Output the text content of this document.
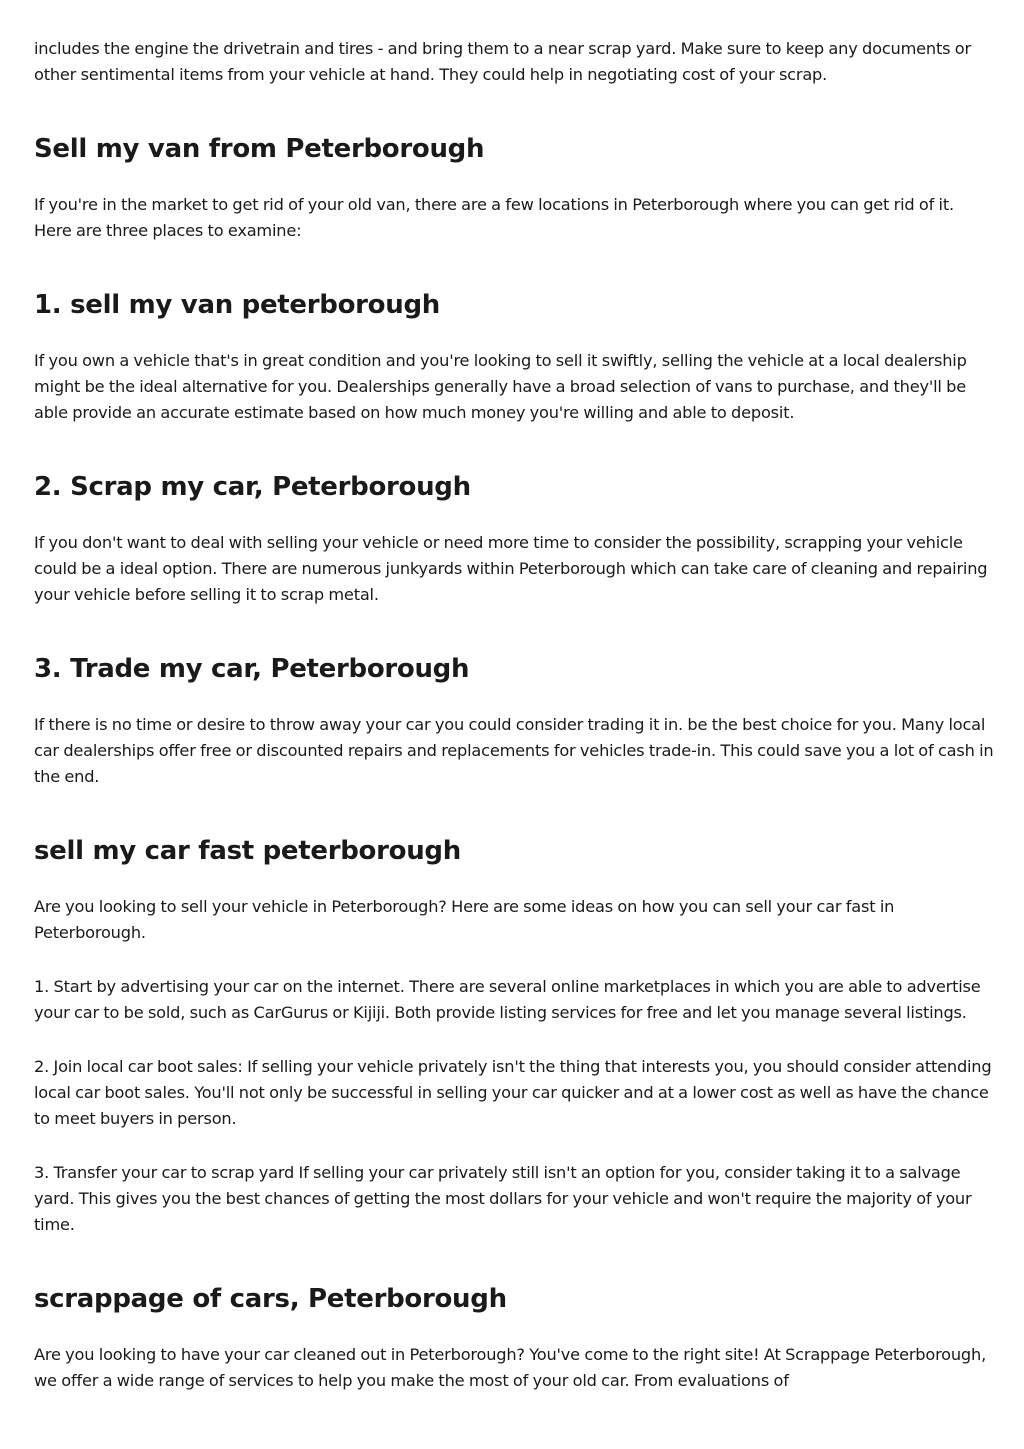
includes the engine the drivetrain and tires - and bring them to a near scrap yard. Make sure to keep any documents or other sentimental items from your vehicle at hand. They could help in negotiating cost of your scrap.

Sell my van from Peterborough

If you're in the market to get rid of your old van, there are a few locations in Peterborough where you can get rid of it. Here are three places to examine:

1. sell my van peterborough

If you own a vehicle that's in great condition and you're looking to sell it swiftly, selling the vehicle at a local dealership might be the ideal alternative for you. Dealerships generally have a broad selection of vans to purchase, and they'll be able provide an accurate estimate based on how much money you're willing and able to deposit.

2. Scrap my car, Peterborough

If you don't want to deal with selling your vehicle or need more time to consider the possibility, scrapping your vehicle could be a ideal option. There are numerous junkyards within Peterborough which can take care of cleaning and repairing your vehicle before selling it to scrap metal.

3. Trade my car, Peterborough

If there is no time or desire to throw away your car you could consider trading it in. be the best choice for you. Many local car dealerships offer free or discounted repairs and replacements for vehicles trade-in. This could save you a lot of cash in the end.

sell my car fast peterborough

Are you looking to sell your vehicle in Peterborough? Here are some ideas on how you can sell your car fast in Peterborough.

1. Start by advertising your car on the internet. There are several online marketplaces in which you are able to advertise your car to be sold, such as CarGurus or Kijiji. Both provide listing services for free and let you manage several listings.

2. Join local car boot sales: If selling your vehicle privately isn't the thing that interests you, you should consider attending local car boot sales. You'll not only be successful in selling your car quicker and at a lower cost as well as have the chance to meet buyers in person.

3. Transfer your car to scrap yard If selling your car privately still isn't an option for you, consider taking it to a salvage yard. This gives you the best chances of getting the most dollars for your vehicle and won't require the majority of your time.

scrappage of cars, Peterborough

Are you looking to have your car cleaned out in Peterborough? You've come to the right site! At Scrappage Peterborough, we offer a wide range of services to help you make the most of your old car. From evaluations of
